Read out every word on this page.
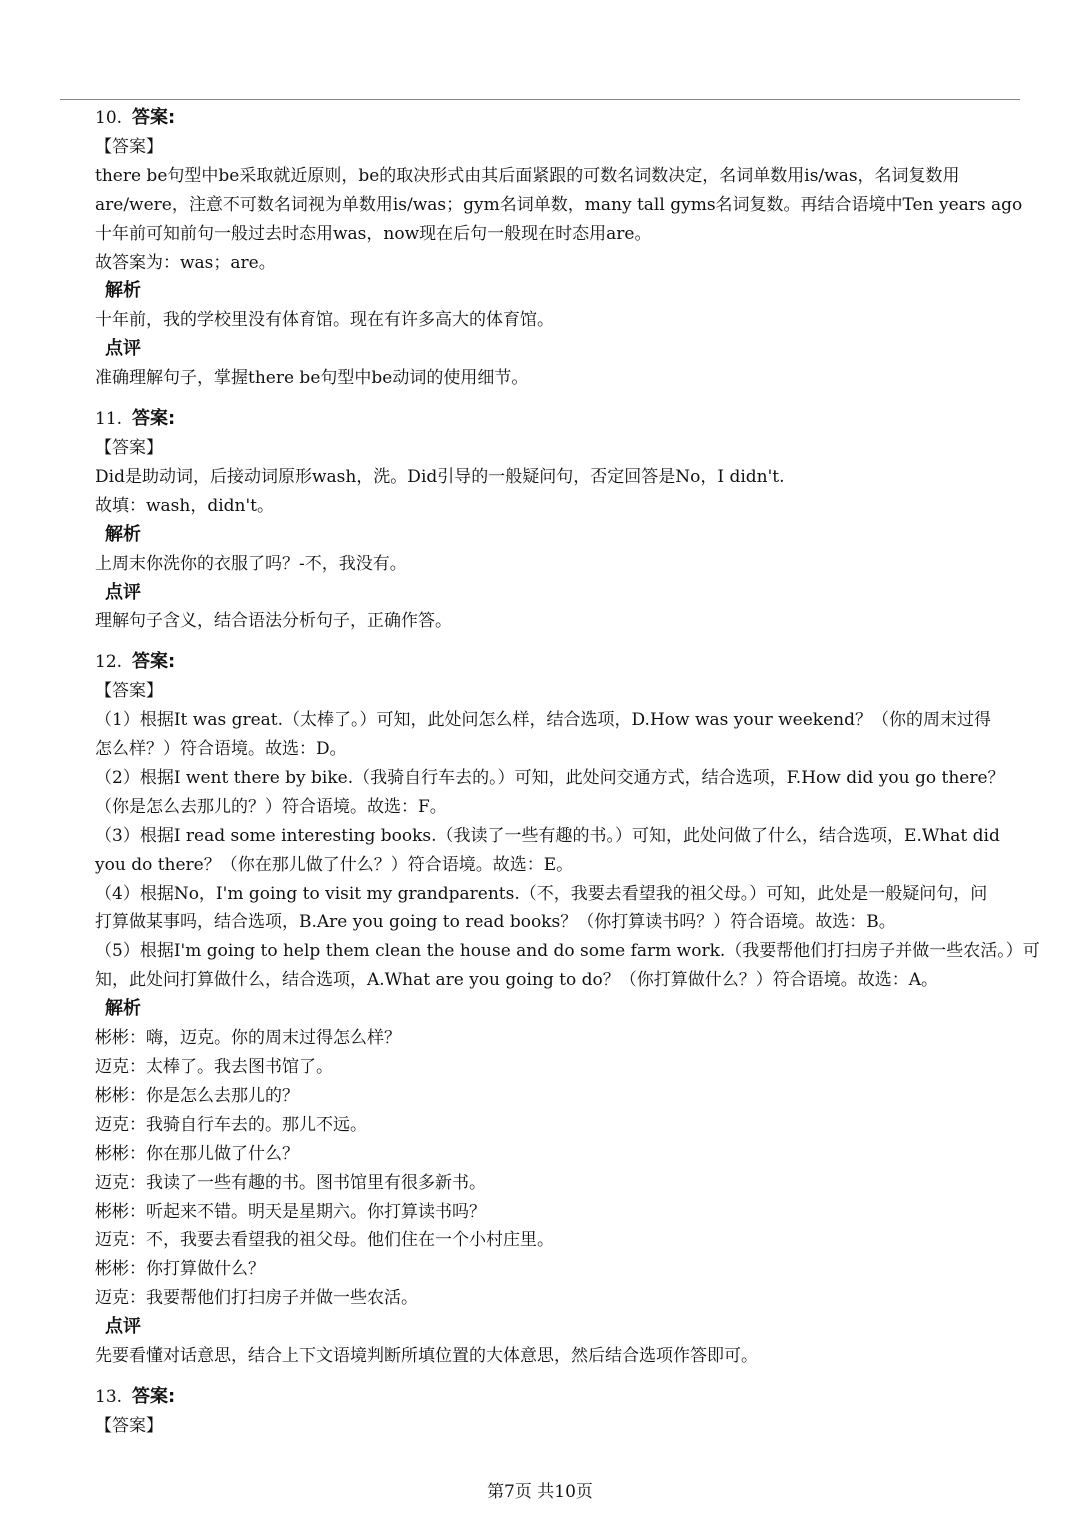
10. 答案:
【答案】
there be句型中be采取就近原则，be的取决形式由其后面紧跟的可数名词数决定，名词单数用is/was，名词复数用
are/were，注意不可数名词视为单数用is/was；gym名词单数，many tall gyms名词复数。再结合语境中Ten years ago
十年前可知前句一般过去时态用was，now现在后句一般现在时态用are。
故答案为：was；are。
解析
十年前，我的学校里没有体育馆。现在有许多高大的体育馆。
点评
准确理解句子，掌握there be句型中be动词的使用细节。
11. 答案:
【答案】
Did是助动词，后接动词原形wash，洗。Did引导的一般疑问句，否定回答是No，I didn't.
故填：wash，didn't。
解析
上周末你洗你的衣服了吗？-不，我没有。
点评
理解句子含义，结合语法分析句子，正确作答。
12. 答案:
【答案】
（1）根据It was great.（太棒了。）可知，此处问怎么样，结合选项，D.How was your weekend？（你的周末过得
怎么样？）符合语境。故选：D。
（2）根据I went there by bike.（我骑自行车去的。）可知，此处问交通方式，结合选项，F.How did you go there？
（你是怎么去那儿的？）符合语境。故选：F。
（3）根据I read some interesting books.（我读了一些有趣的书。）可知，此处问做了什么，结合选项，E.What did
you do there？（你在那儿做了什么？）符合语境。故选：E。
（4）根据No，I'm going to visit my grandparents.（不，我要去看望我的祖父母。）可知，此处是一般疑问句，问
打算做某事吗，结合选项，B.Are you going to read books？（你打算读书吗？）符合语境。故选：B。
（5）根据I'm going to help them clean the house and do some farm work.（我要帮他们打扫房子并做一些农活。）可
知，此处问打算做什么，结合选项，A.What are you going to do？（你打算做什么？）符合语境。故选：A。
解析
彬彬：嗨，迈克。你的周末过得怎么样？
迈克：太棒了。我去图书馆了。
彬彬：你是怎么去那儿的？
迈克：我骑自行车去的。那儿不远。
彬彬：你在那儿做了什么？
迈克：我读了一些有趣的书。图书馆里有很多新书。
彬彬：听起来不错。明天是星期六。你打算读书吗？
迈克：不，我要去看望我的祖父母。他们住在一个小村庄里。
彬彬：你打算做什么？
迈克：我要帮他们打扫房子并做一些农活。
点评
先要看懂对话意思，结合上下文语境判断所填位置的大体意思，然后结合选项作答即可。
13. 答案:
【答案】
第7页 共10页
